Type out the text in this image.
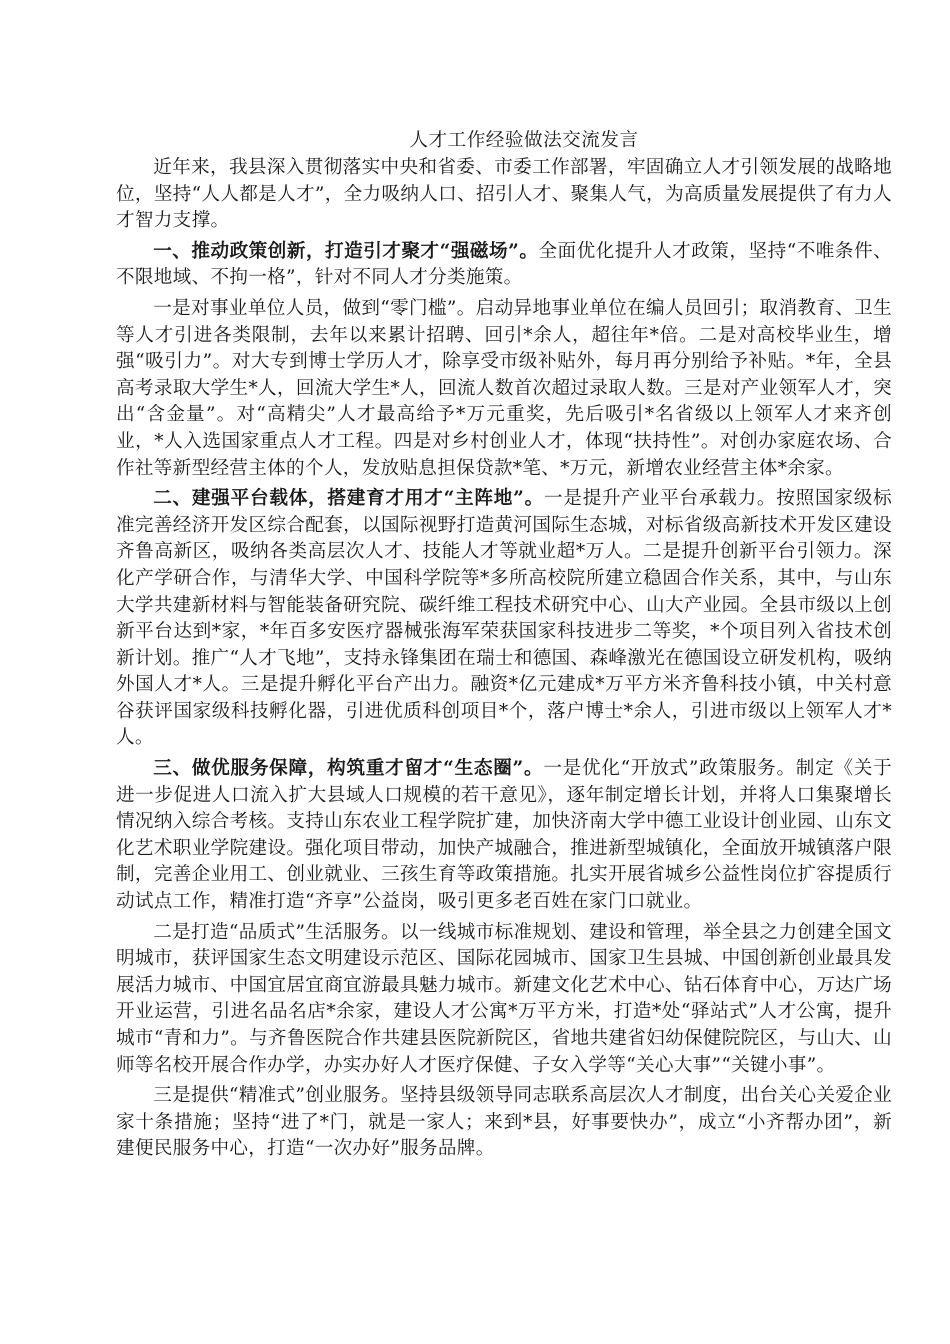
人才工作经验做法交流发言

近年来，我县深入贯彻落实中央和省委、市委工作部署，牢固确立人才引领发展的战略地位，坚持“人人都是人才”，全力吸纳人口、招引人才、聚集人气，为高质量发展提供了有力人才智力支撑。

一、推动政策创新，打造引才聚才“强磁场”。全面优化提升人才政策，坚持“不唯条件、不限地域、不拘一格”，针对不同人才分类施策。

一是对事业单位人员，做到“零门槛”。启动异地事业单位在编人员回引；取消教育、卫生等人才引进各类限制，去年以来累计招聘、回引*余人，超往年*倍。二是对高校毕业生，增强“吸引力”。对大专到博士学历人才，除享受市级补贴外，每月再分别给予补贴。*年，全县高考录取大学生*人，回流大学生*人，回流人数首次超过录取人数。三是对产业领军人才，突出“含金量”。对“高精尖”人才最高给予*万元重奖，先后吸引*名省级以上领军人才来齐创业，*人入选国家重点人才工程。四是对乡村创业人才，体现“扶持性”。对创办家庭农场、合作社等新型经营主体的个人，发放贴息担保贷款*笔、*万元，新增农业经营主体*余家。

二、建强平台载体，搭建育才用才“主阵地”。一是提升产业平台承载力。按照国家级标准完善经济开发区综合配套，以国际视野打造黄河国际生态城，对标省级高新技术开发区建设齐鲁高新区，吸纳各类高层次人才、技能人才等就业超*万人。二是提升创新平台引领力。深化产学研合作，与清华大学、中国科学院等*多所高校院所建立稳固合作关系，其中，与山东大学共建新材料与智能装备研究院、碳纤维工程技术研究中心、山大产业园。全县市级以上创新平台达到*家，*年百多安医疗器械张海军荣获国家科技进步二等奖，*个项目列入省技术创新计划。推广“人才飞地”，支持永锋集团在瑞士和德国、森峰激光在德国设立研发机构，吸纳外国人才*人。三是提升孵化平台产出力。融资*亿元建成*万平方米齐鲁科技小镇，中关村意谷获评国家级科技孵化器，引进优质科创项目*个，落户博士*余人，引进市级以上领军人才*人。

三、做优服务保障，构筑重才留才“生态圈”。一是优化“开放式”政策服务。制定《关于进一步促进人口流入扩大县域人口规模的若干意见》，逐年制定增长计划，并将人口集聚增长情况纳入综合考核。支持山东农业工程学院扩建，加快济南大学中德工业设计创业园、山东文化艺术职业学院建设。强化项目带动，加快产城融合，推进新型城镇化，全面放开城镇落户限制，完善企业用工、创业就业、三孩生育等政策措施。扎实开展省城乡公益性岗位扩容提质行动试点工作，精准打造“齐享”公益岗，吸引更多老百姓在家门口就业。

二是打造“品质式”生活服务。以一线城市标准规划、建设和管理，举全县之力创建全国文明城市，获评国家生态文明建设示范区、国际花园城市、国家卫生县城、中国创新创业最具发展活力城市、中国宜居宜商宜游最具魅力城市。新建文化艺术中心、钻石体育中心，万达广场开业运营，引进名品名店*余家，建设人才公寓*万平方米，打造*处“驿站式”人才公寓，提升城市“青和力”。与齐鲁医院合作共建县医院新院区，省地共建省妇幼保健院院区，与山大、山师等名校开展合作办学，办实办好人才医疗保健、子女入学等“关心大事”“关键小事”。

三是提供“精准式”创业服务。坚持县级领导同志联系高层次人才制度，出台关心关爱企业家十条措施；坚持“进了*门，就是一家人；来到*县，好事要快办”，成立“小齐帮办团”，新建便民服务中心，打造“一次办好”服务品牌。
